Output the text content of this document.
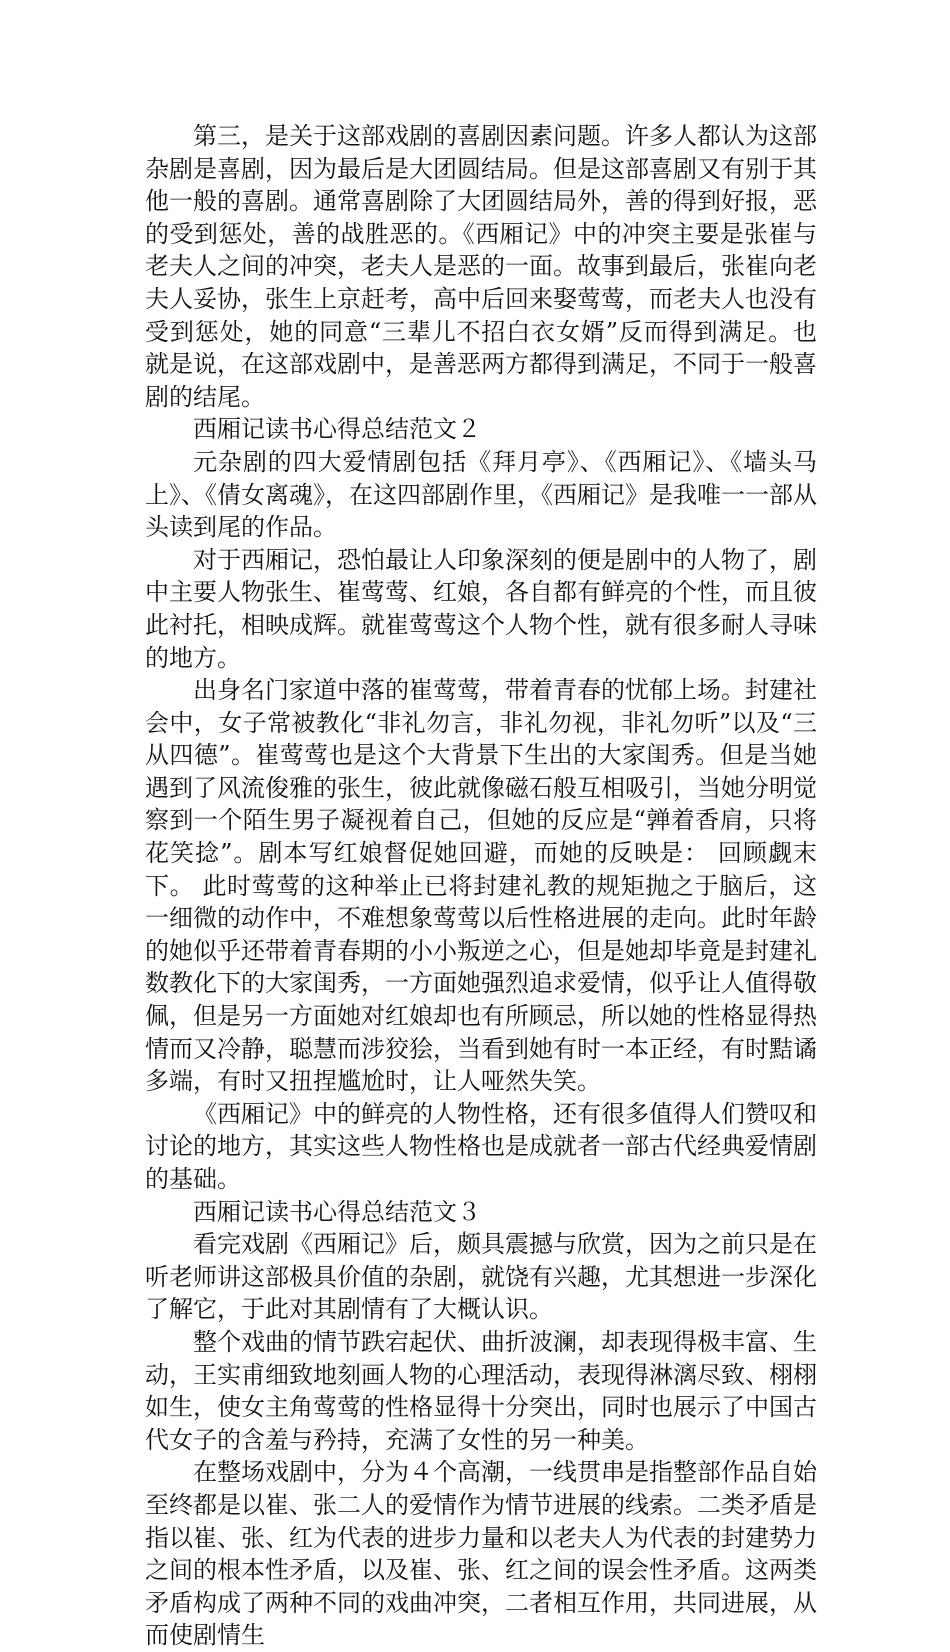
第三，是关于这部戏剧的喜剧因素问题。许多人都认为这部杂剧是喜剧，因为最后是大团圆结局。但是这部喜剧又有别于其他一般的喜剧。通常喜剧除了大团圆结局外，善的得到好报，恶的受到惩处，善的战胜恶的。《西厢记》中的冲突主要是张崔与老夫人之间的冲突，老夫人是恶的一面。故事到最后，张崔向老夫人妥协，张生上京赶考，高中后回来娶莺莺，而老夫人也没有受到惩处，她的同意“三辈儿不招白衣女婿”反而得到满足。也就是说，在这部戏剧中，是善恶两方都得到满足，不同于一般喜剧的结尾。

西厢记读书心得总结范文２

元杂剧的四大爱情剧包括《拜月亭》、《西厢记》、《墙头马上》、《倩女离魂》，在这四部剧作里，《西厢记》是我唯一一部从头读到尾的作品。

对于西厢记，恐怕最让人印象深刻的便是剧中的人物了，剧中主要人物张生、崔莺莺、红娘，各自都有鲜亮的个性，而且彼此衬托，相映成辉。就崔莺莺这个人物个性，就有很多耐人寻味的地方。

出身名门家道中落的崔莺莺，带着青春的忧郁上场。封建社会中，女子常被教化“非礼勿言，非礼勿视，非礼勿听”以及“三从四德”。崔莺莺也是这个大背景下生出的大家闺秀。但是当她遇到了风流俊雅的张生，彼此就像磁石般互相吸引，当她分明觉察到一个陌生男子凝视着自己，但她的反应是“亸着香肩，只将花笑捻”。剧本写红娘督促她回避，而她的反映是： 回顾觑末下。 此时莺莺的这种举止已将封建礼教的规矩抛之于脑后，这一细微的动作中，不难想象莺莺以后性格进展的走向。此时年龄的她似乎还带着青春期的小小叛逆之心，但是她却毕竟是封建礼数教化下的大家闺秀，一方面她强烈追求爱情，似乎让人值得敬佩，但是另一方面她对红娘却也有所顾忌，所以她的性格显得热情而又冷静，聪慧而涉狡狯，当看到她有时一本正经，有时黠谲多端，有时又扭捏尴尬时，让人哑然失笑。

《西厢记》中的鲜亮的人物性格，还有很多值得人们赞叹和讨论的地方，其实这些人物性格也是成就者一部古代经典爱情剧的基础。

西厢记读书心得总结范文３

看完戏剧《西厢记》后，颇具震撼与欣赏，因为之前只是在听老师讲这部极具价值的杂剧，就饶有兴趣，尤其想进一步深化了解它，于此对其剧情有了大概认识。

整个戏曲的情节跌宕起伏、曲折波澜，却表现得极丰富、生动，王实甫细致地刻画人物的心理活动，表现得淋漓尽致、栩栩如生，使女主角莺莺的性格显得十分突出，同时也展示了中国古代女子的含羞与矜持，充满了女性的另一种美。

在整场戏剧中，分为４个高潮，一线贯串是指整部作品自始至终都是以崔、张二人的爱情作为情节进展的线索。二类矛盾是指以崔、张、红为代表的进步力量和以老夫人为代表的封建势力之间的根本性矛盾，以及崔、张、红之间的误会性矛盾。这两类矛盾构成了两种不同的戏曲冲突，二者相互作用，共同进展，从而使剧情生
